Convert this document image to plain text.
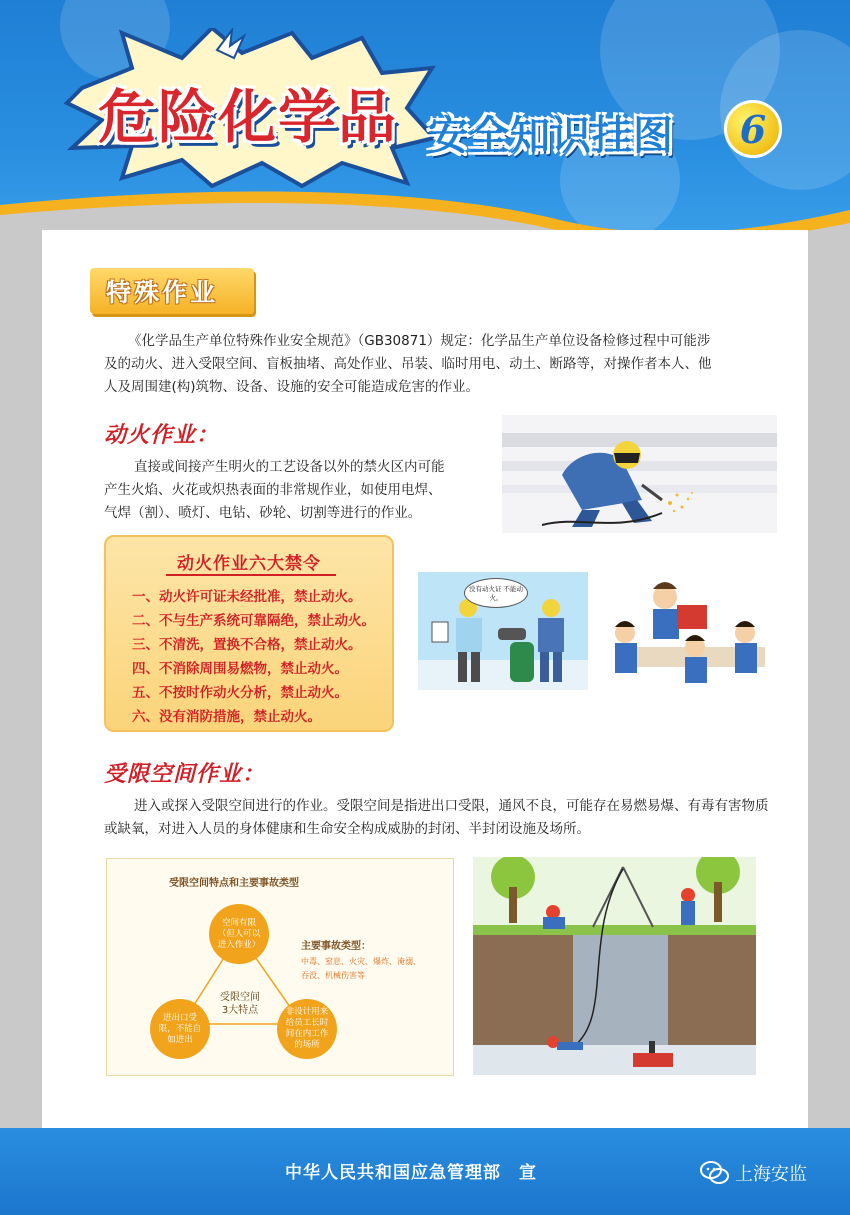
危险化学品 安全知识挂图	6
特殊作业
《化学品生产单位特殊作业安全规范》（GB30871）规定：化学品生产单位设备检修过程中可能涉
及的动火、进入受限空间、盲板抽堵、高处作业、吊装、临时用电、动土、断路等，对操作者本人、他
人及周围建(构)筑物、设备、设施的安全可能造成危害的作业。
动火作业：
直接或间接产生明火的工艺设备以外的禁火区内可能
产生火焰、火花或炽热表面的非常规作业，如使用电焊、
气焊（割）、喷灯、电钻、砂轮、切割等进行的作业。
动火作业六大禁令
一、动火许可证未经批准，禁止动火。
二、不与生产系统可靠隔绝，禁止动火。
三、不清洗，置换不合格，禁止动火。
四、不消除周围易燃物，禁止动火。
五、不按时作动火分析，禁止动火。
六、没有消防措施，禁止动火。
没有动火证 不能动火。
受限空间作业：
进入或探入受限空间进行的作业。受限空间是指进出口受限，通风不良，可能存在易燃易爆、有毒有害物质
或缺氧，对进入人员的身体健康和生命安全构成威胁的封闭、半封闭设施及场所。
受限空间特点和主要事故类型
空间有限（但人可以进入作业）
进出口受限，不能自如进出
非设计用来给员工长时间在内工作的场所
主要事故类型：
中毒、窒息、火灾、爆炸、淹溺、
吞没、机械伤害等
受限空间
3大特点
中华人民共和国应急管理部　宣	上海安监
